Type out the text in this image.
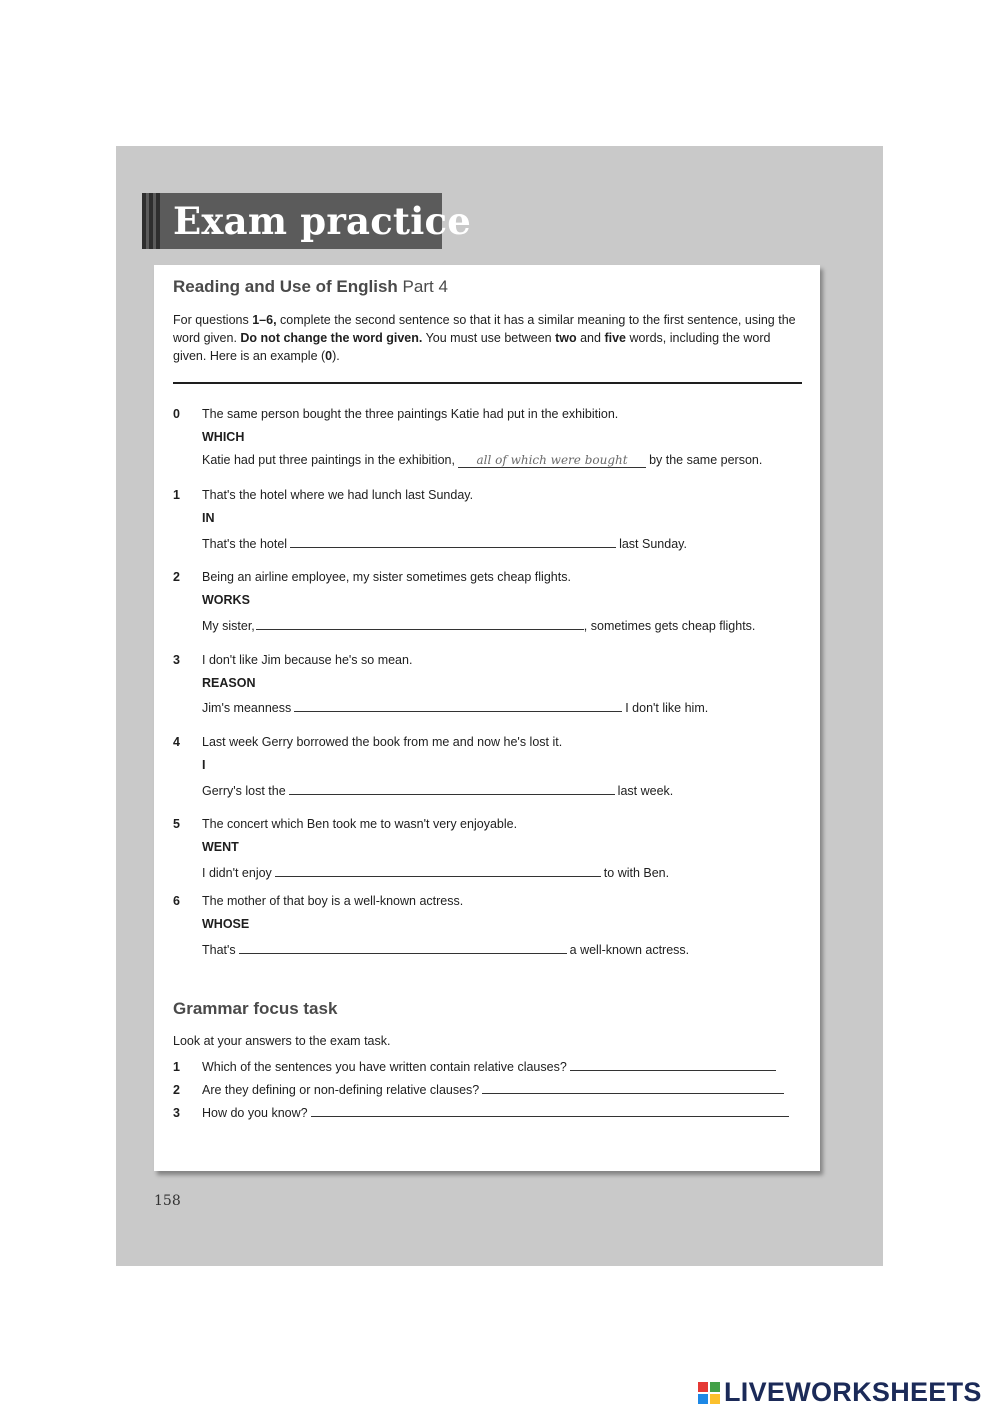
Exam practice
Reading and Use of English Part 4
For questions 1–6, complete the second sentence so that it has a similar meaning to the first sentence, using the word given. Do not change the word given. You must use between two and five words, including the word given. Here is an example (0).
0 The same person bought the three paintings Katie had put in the exhibition.
WHICH
Katie had put three paintings in the exhibition, all of which were bought by the same person.
1 That's the hotel where we had lunch last Sunday.
IN
That's the hotel	last Sunday.
2 Being an airline employee, my sister sometimes gets cheap flights.
WORKS
My sister,	, sometimes gets cheap flights.
3 I don't like Jim because he's so mean.
REASON
Jim's meanness	I don't like him.
4 Last week Gerry borrowed the book from me and now he's lost it.
I
Gerry's lost the	last week.
5 The concert which Ben took me to wasn't very enjoyable.
WENT
I didn't enjoy	to with Ben.
6 The mother of that boy is a well-known actress.
WHOSE
That's	a well-known actress.
Grammar focus task
Look at your answers to the exam task.
1 Which of the sentences you have written contain relative clauses?
2 Are they defining or non-defining relative clauses?
3 How do you know?
158
LIVEWORKSHEETS
